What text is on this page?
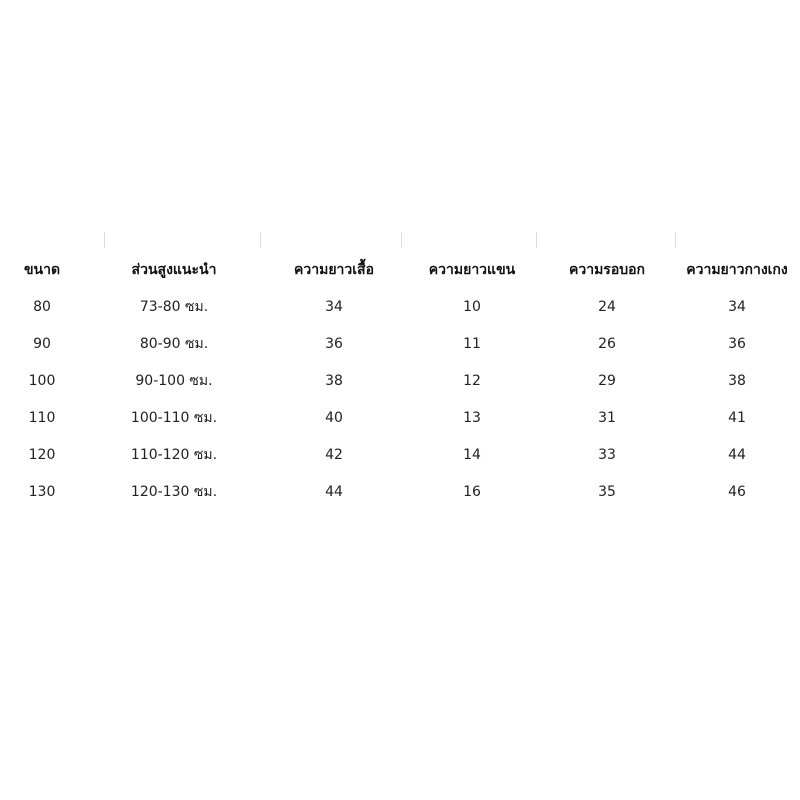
ขนาด	ส่วนสูงแนะนำ	ความยาวเสื้อ	ความยาวแขน	ความรอบอก	ความยาวกางเกง
80	73-80 ซม.	34	10	24	34
90	80-90 ซม.	36	11	26	36
100	90-100 ซม.	38	12	29	38
110	100-110 ซม.	40	13	31	41
120	110-120 ซม.	42	14	33	44
130	120-130 ซม.	44	16	35	46
